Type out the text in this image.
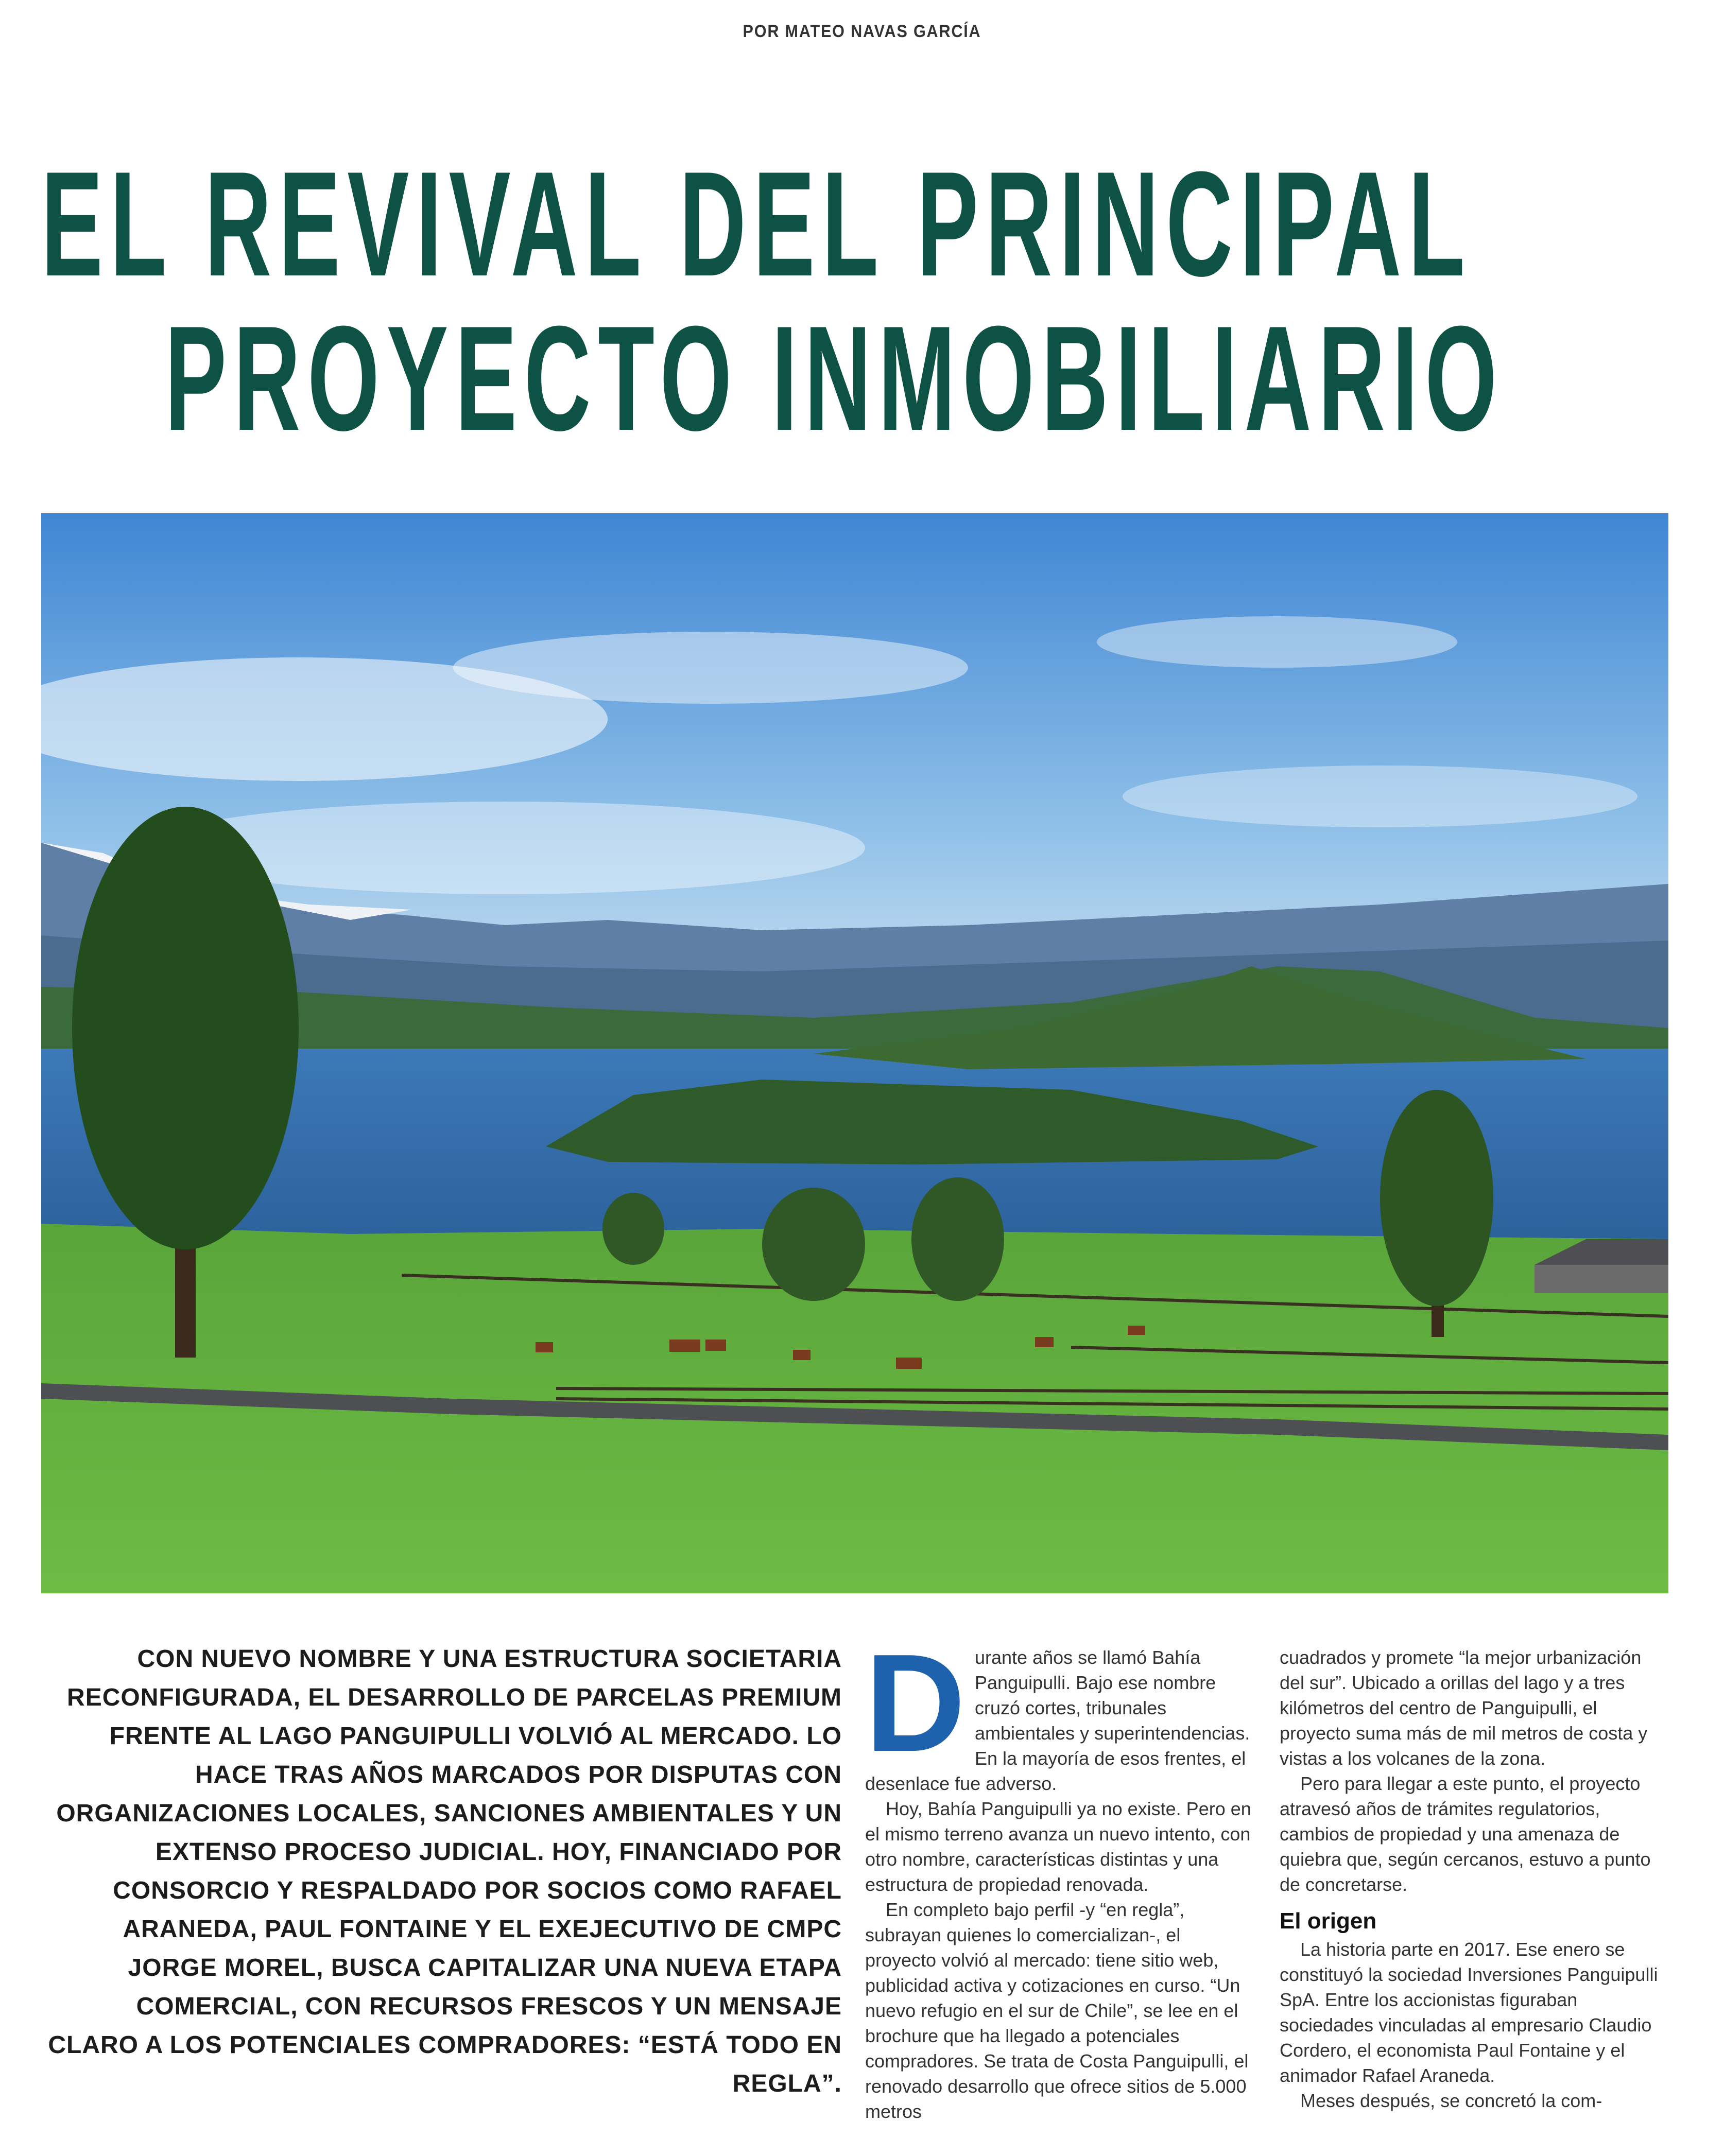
POR MATEO NAVAS GARCÍA
EL REVIVAL DEL PRINCIPAL
PROYECTO INMOBILIARIO
CON NUEVO NOMBRE Y UNA ESTRUCTURA SOCIETARIA RECONFIGURADA, EL DESARROLLO DE PARCELAS PREMIUM FRENTE AL LAGO PANGUIPULLI VOLVIÓ AL MERCADO. LO HACE TRAS AÑOS MARCADOS POR DISPUTAS CON ORGANIZACIONES LOCALES, SANCIONES AMBIENTALES Y UN EXTENSO PROCESO JUDICIAL. HOY, FINANCIADO POR CONSORCIO Y RESPALDADO POR SOCIOS COMO RAFAEL ARANEDA, PAUL FONTAINE Y EL EXEJECUTIVO DE CMPC JORGE MOREL, BUSCA CAPITALIZAR UNA NUEVA ETAPA COMERCIAL, CON RECURSOS FRESCOS Y UN MENSAJE CLARO A LOS POTENCIALES COMPRADORES: “ESTÁ TODO EN REGLA”.

Durante años se llamó Bahía Panguipulli. Bajo ese nombre cruzó cortes, tribunales ambientales y superintendencias. En la mayoría de esos frentes, el desenlace fue adverso.

Hoy, Bahía Panguipulli ya no existe. Pero en el mismo terreno avanza un nuevo intento, con otro nombre, características distintas y una estructura de propiedad renovada.

En completo bajo perfil -y “en regla”, subrayan quienes lo comercializan-, el proyecto volvió al mercado: tiene sitio web, publicidad activa y cotizaciones en curso. “Un nuevo refugio en el sur de Chile”, se lee en el brochure que ha llegado a potenciales compradores. Se trata de Costa Panguipulli, el renovado desarrollo que ofrece sitios de 5.000 metros

cuadrados y promete “la mejor urbanización del sur”. Ubicado a orillas del lago y a tres kilómetros del centro de Panguipulli, el proyecto suma más de mil metros de costa y vistas a los volcanes de la zona.

Pero para llegar a este punto, el proyecto atravesó años de trámites regulatorios, cambios de propiedad y una amenaza de quiebra que, según cercanos, estuvo a punto de concretarse.

El origen

La historia parte en 2017. Ese enero se constituyó la sociedad Inversiones Panguipulli SpA. Entre los accionistas figuraban sociedades vinculadas al empresario Claudio Cordero, el economista Paul Fontaine y el animador Rafael Araneda.

Meses después, se concretó la com-
